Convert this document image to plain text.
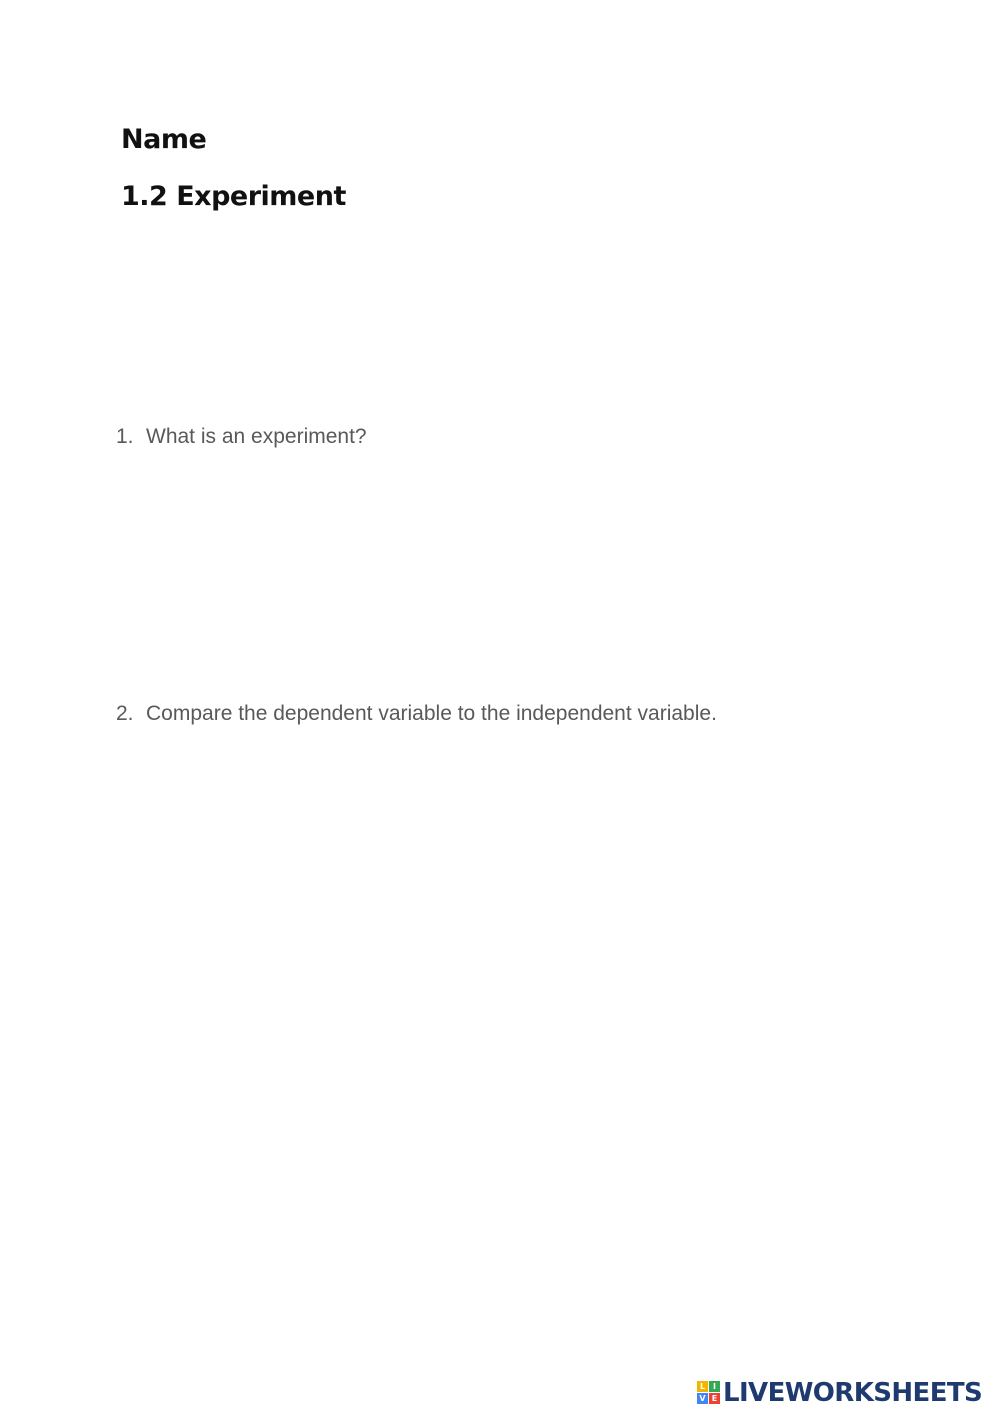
Name
1.2 Experiment
1. What is an experiment?
2. Compare the dependent variable to the independent variable.
L I
V E LIVEWORKSHEETS
